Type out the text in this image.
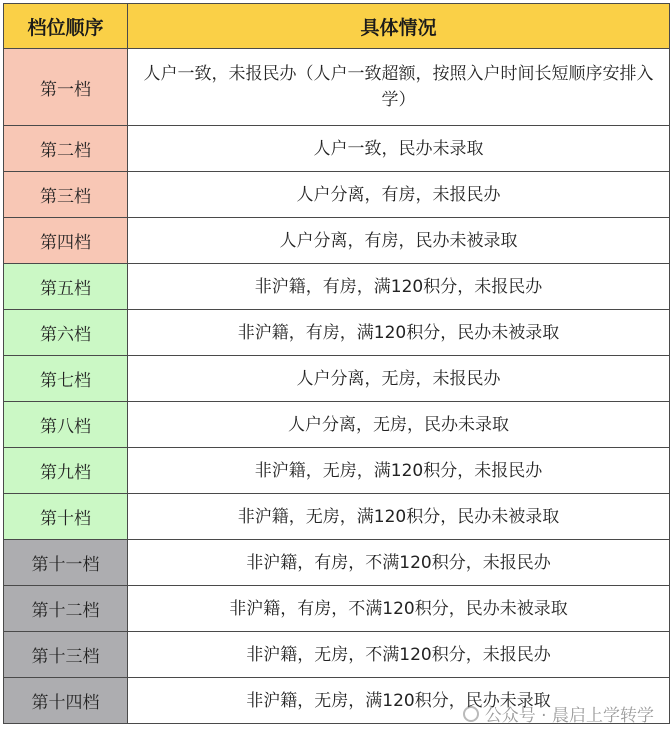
档位顺序	具体情况
第一档	人户一致，未报民办（人户一致超额，按照入户时间长短顺序安排入学）
第二档	人户一致，民办未录取
第三档	人户分离，有房，未报民办
第四档	人户分离，有房，民办未被录取
第五档	非沪籍，有房，满120积分，未报民办
第六档	非沪籍，有房，满120积分，民办未被录取
第七档	人户分离，无房，未报民办
第八档	人户分离，无房，民办未录取
第九档	非沪籍，无房，满120积分，未报民办
第十档	非沪籍，无房，满120积分，民办未被录取
第十一档	非沪籍，有房，不满120积分，未报民办
第十二档	非沪籍，有房，不满120积分，民办未被录取
第十三档	非沪籍，无房，不满120积分，未报民办
第十四档	非沪籍，无房，满120积分，民办未录取
公众号 · 晨启上学转学
